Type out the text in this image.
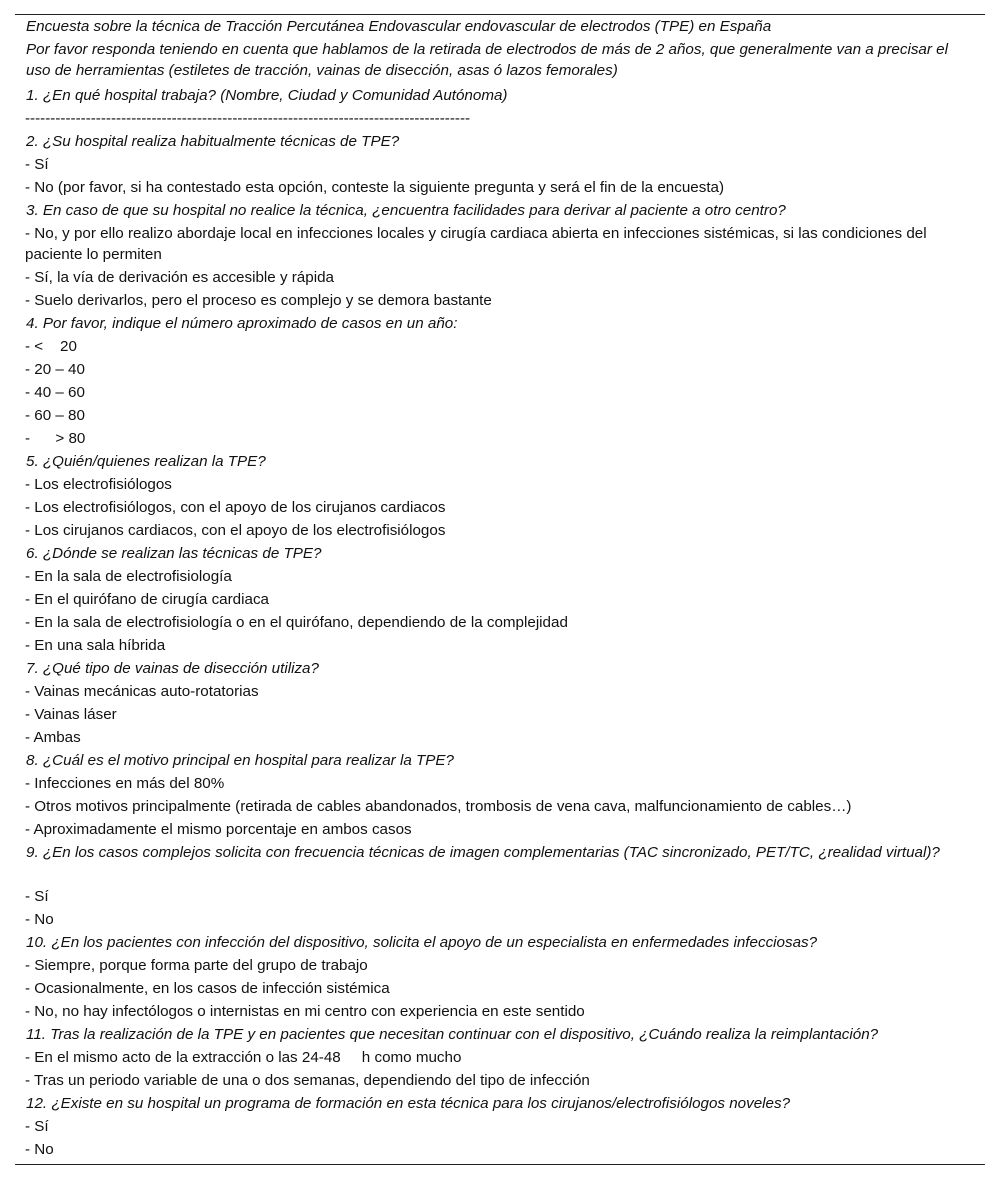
Encuesta sobre la técnica de Tracción Percutánea Endovascular endovascular de electrodos (TPE) en España
Por favor responda teniendo en cuenta que hablamos de la retirada de electrodos de más de 2 años, que generalmente van a precisar el uso de herramientas (estiletes de tracción, vainas de disección, asas ó lazos femorales)
1. ¿En qué hospital trabaja? (Nombre, Ciudad y Comunidad Autónoma)
----------------------------------------------------------------------------------------
2. ¿Su hospital realiza habitualmente técnicas de TPE?
- Sí
- No (por favor, si ha contestado esta opción, conteste la siguiente pregunta y será el fin de la encuesta)
3. En caso de que su hospital no realice la técnica, ¿encuentra facilidades para derivar al paciente a otro centro?
- No, y por ello realizo abordaje local en infecciones locales y cirugía cardiaca abierta en infecciones sistémicas, si las condiciones del paciente lo permiten
- Sí, la vía de derivación es accesible y rápida
- Suelo derivarlos, pero el proceso es complejo y se demora bastante
4. Por favor, indique el número aproximado de casos en un año:
- <    20
- 20 – 40
- 40 – 60
- 60 – 80
-      > 80
5. ¿Quién/quienes realizan la TPE?
- Los electrofisiólogos
- Los electrofisiólogos, con el apoyo de los cirujanos cardiacos
- Los cirujanos cardiacos, con el apoyo de los electrofisiólogos
6. ¿Dónde se realizan las técnicas de TPE?
- En la sala de electrofisiología
- En el quirófano de cirugía cardiaca
- En la sala de electrofisiología o en el quirófano, dependiendo de la complejidad
- En una sala híbrida
7. ¿Qué tipo de vainas de disección utiliza?
- Vainas mecánicas auto-rotatorias
- Vainas láser
- Ambas
8. ¿Cuál es el motivo principal en hospital para realizar la TPE?
- Infecciones en más del 80%
- Otros motivos principalmente (retirada de cables abandonados, trombosis de vena cava, malfuncionamiento de cables…)
- Aproximadamente el mismo porcentaje en ambos casos
9. ¿En los casos complejos solicita con frecuencia técnicas de imagen complementarias (TAC sincronizado, PET/TC, ¿realidad virtual)?
- Sí
- No
10. ¿En los pacientes con infección del dispositivo, solicita el apoyo de un especialista en enfermedades infecciosas?
- Siempre, porque forma parte del grupo de trabajo
- Ocasionalmente, en los casos de infección sistémica
- No, no hay infectólogos o internistas en mi centro con experiencia en este sentido
11. Tras la realización de la TPE y en pacientes que necesitan continuar con el dispositivo, ¿Cuándo realiza la reimplantación?
- En el mismo acto de la extracción o las 24-48     h como mucho
- Tras un periodo variable de una o dos semanas, dependiendo del tipo de infección
12. ¿Existe en su hospital un programa de formación en esta técnica para los cirujanos/electrofisiólogos noveles?
- Sí
- No
